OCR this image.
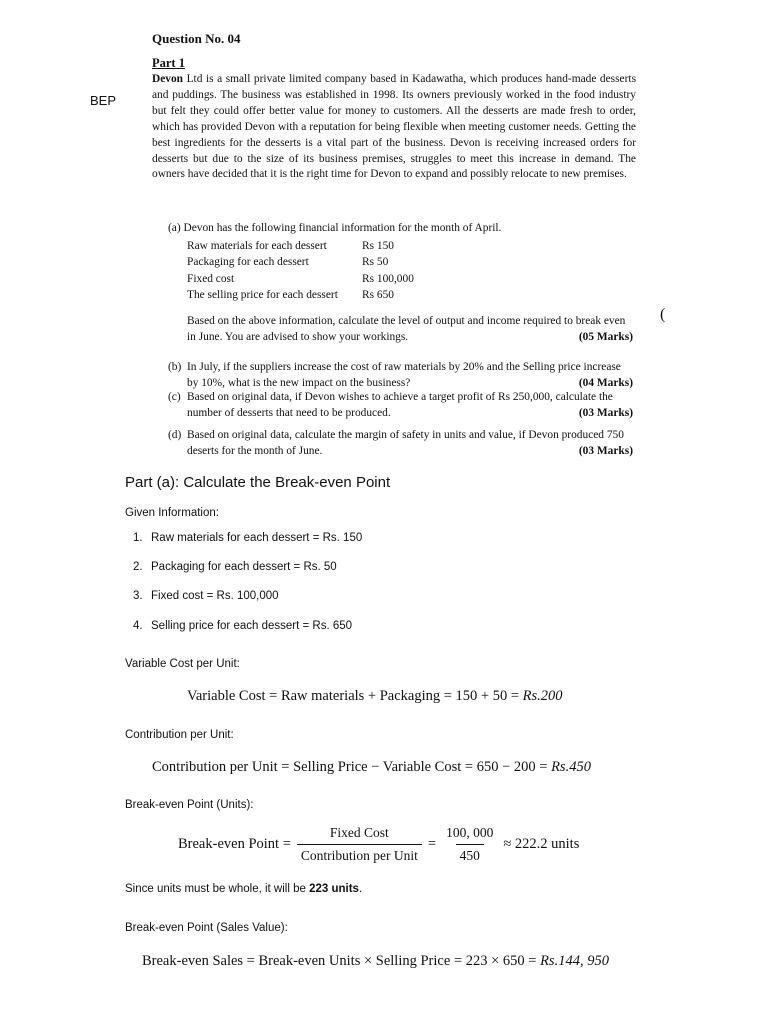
BEP
(
Question No. 04
Part 1

Devon Ltd is a small private limited company based in Kadawatha, which produces hand-made desserts and puddings. The business was established in 1998. Its owners previously worked in the food industry but felt they could offer better value for money to customers. All the desserts are made fresh to order, which has provided Devon with a reputation for being flexible when meeting customer needs. Getting the best ingredients for the desserts is a vital part of the business. Devon is receiving increased orders for desserts but due to the size of its business premises, struggles to meet this increase in demand. The owners have decided that it is the right time for Devon to expand and possibly relocate to new premises.

(a) Devon has the following financial information for the month of April.
Raw materials for each dessert	Rs 150
Packaging for each dessert	Rs 50
Fixed cost	Rs 100,000
The selling price for each dessert	Rs 650
Based on the above information, calculate the level of output and income required to break even in June. You are advised to show your workings.	(05 Marks)
(b) In July, if the suppliers increase the cost of raw materials by 20% and the Selling price increase by 10%, what is the new impact on the business?	(04 Marks)
(c) Based on original data, if Devon wishes to achieve a target profit of Rs 250,000, calculate the number of desserts that need to be produced.	(03 Marks)
(d) Based on original data, calculate the margin of safety in units and value, if Devon produced 750 deserts for the month of June.	(03 Marks)
Part (a): Calculate the Break-even Point
Given Information:
1. Raw materials for each dessert = Rs. 150
2. Packaging for each dessert = Rs. 50
3. Fixed cost = Rs. 100,000
4. Selling price for each dessert = Rs. 650
Variable Cost per Unit:
Variable Cost = Raw materials + Packaging = 150 + 50 = Rs.200
Contribution per Unit:
Contribution per Unit = Selling Price − Variable Cost = 650 − 200 = Rs.450
Break-even Point (Units):
Break-even Point = $\frac{\text{Fixed Cost}}{\text{Contribution per Unit}} = \frac{100, 000}{450} \approx 222.2$ units
Since units must be whole, it will be 223 units.
Break-even Point (Sales Value):
Break-even Sales = Break-even Units × Selling Price = 223 × 650 = Rs.144, 950
